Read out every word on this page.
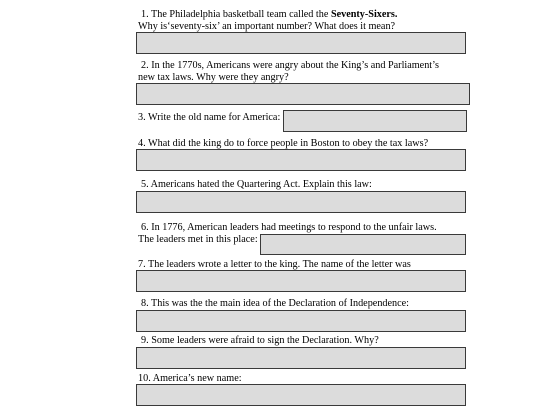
1. The Philadelphia basketball team called the Seventy-Sixers.
Why is‘seventy-six’ an important number? What does it mean?
2. In the 1770s, Americans were angry about the King’s and Parliament’s
new tax laws. Why were they angry?
3. Write the old name for America:
4. What did the king do to force people in Boston to obey the tax laws?
5. Americans hated the Quartering Act. Explain this law:
6. In 1776, American leaders had meetings to respond to the unfair laws.
The leaders met in this place:
7. The leaders wrote a letter to the king. The name of the letter was
8. This was the the main idea of the Declaration of Independence:
9. Some leaders were afraid to sign the Declaration. Why?
10. America’s new name:
